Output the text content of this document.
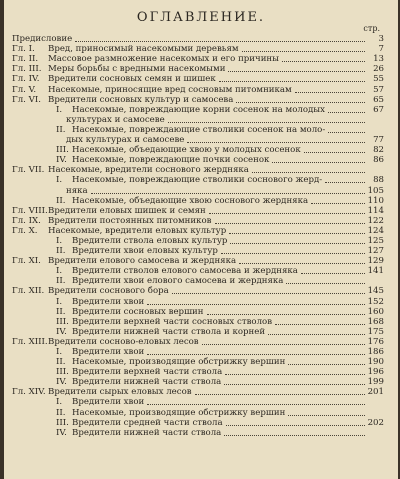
ОГЛАВЛЕНИЕ.
стр.
Предисловие	3
Гл. I.	Вред, приносимый насекомыми деревьям	7
Гл. II.	Массовое размножение насекомых и его причины	13
Гл. III. Меры борьбы с вредными насекомыми	26
Гл. IV. Вредители сосновых семян и шишек	55
Гл. V.	Насекомые, приносящие вред сосновым питомникам	57
Гл. VI. Вредители сосновых культур и самосева	65
I.	Насекомые, повреждающие корни сосенок на молодых	67
культурах и самосеве
II. Насекомые, повреждающие стволики сосенок на моло-
дых культурах и самосеве	77
III. Насекомые, объедающие хвою у молодых сосенок	82
IV. Насекомые, повреждающие почки сосенок	86
Гл. VII. Насекомые, вредители соснового жердняка
I.	Насекомые, повреждающие стволики соснового жерд-	88
няка	105
II. Насекомые, объедающие хвою соснового жердняка	110
Гл. VIII. Вредители еловых шишек и семян	114
Гл. IX. Вредители постоянных питомников	122
Гл. X.	Насекомые, вредители еловых культур	124
I.	Вредители ствола еловых культур	125
II. Вредители хвои еловых культур	127
Гл. XI. Вредители елового самосева и жердняка	129
I.	Вредители стволов елового самосева и жердняка	141
II. Вредители хвои елового самосева и жердняка
Гл. XII. Вредители соснового бора	145
I.	Вредители хвои	152
II. Вредители сосновых вершин	160
III. Вредители верхней части сосновых стволов	168
IV. Вредители нижней части ствола и корней	175
Гл. XIII. Вредители сосново-еловых лесов	176
I.	Вредители хвои	186
II. Насекомые, производящие обстрижку вершин	190
III. Вредители верхней части ствола	196
IV. Вредители нижней части ствола	199
Гл. XIV. Вредители сырых еловых лесов	201
I.	Вредители хвои
II. Насекомые, производящие обстрижку вершин
III. Вредители средней части ствола	202
IV. Вредители нижней части ствола
